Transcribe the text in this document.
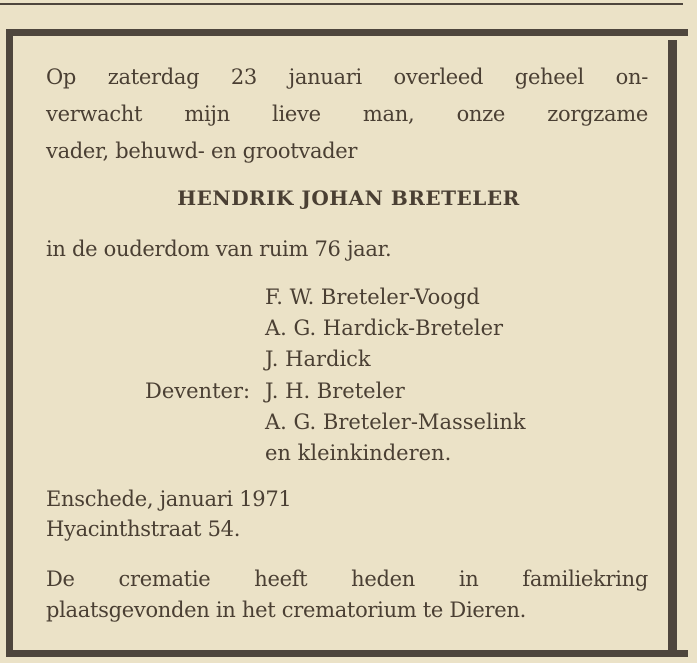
Op zaterdag 23 januari overleed geheel on-
verwacht mijn lieve man, onze zorgzame
vader, behuwd- en grootvader
HENDRIK JOHAN BRETELER
in de ouderdom van ruim 76 jaar.
F. W. Breteler-Voogd
A. G. Hardick-Breteler
J. Hardick
Deventer: J. H. Breteler
A. G. Breteler-Masselink
en kleinkinderen.
Enschede, januari 1971
Hyacinthstraat 54.
De crematie heeft heden in familiekring
plaatsgevonden in het crematorium te Dieren.
